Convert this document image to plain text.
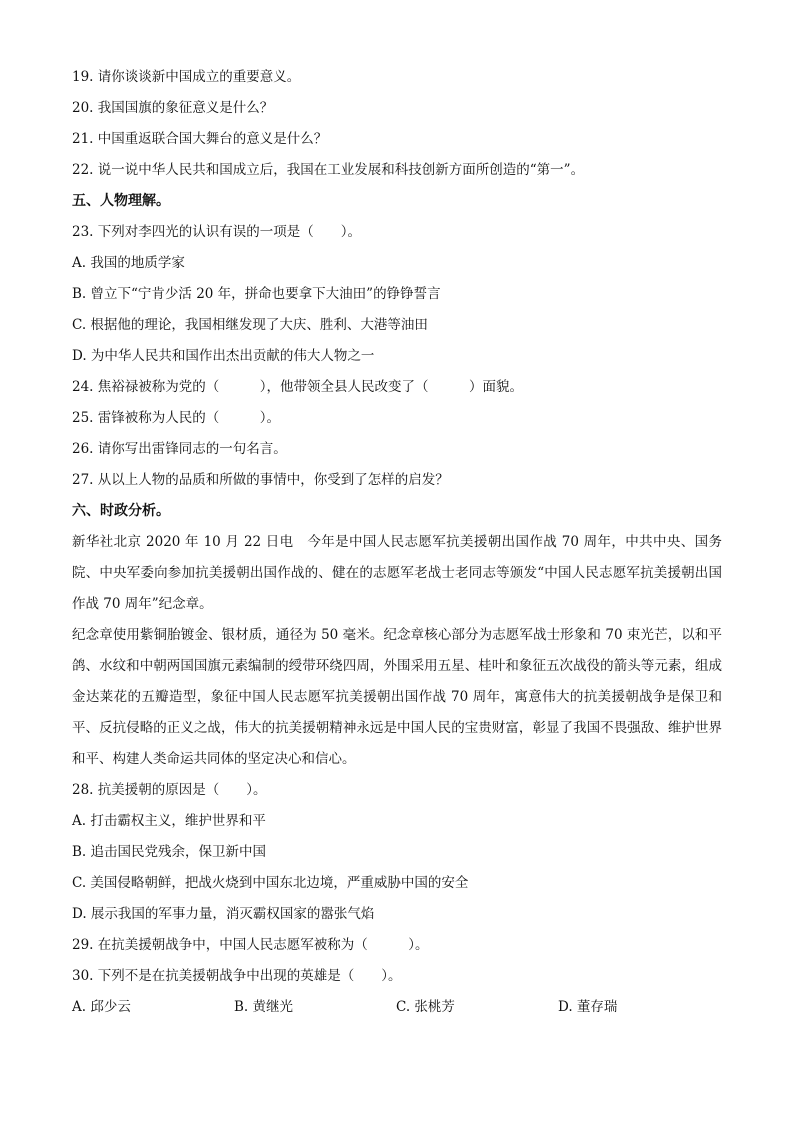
19. 请你谈谈新中国成立的重要意义。
20. 我国国旗的象征意义是什么？
21. 中国重返联合国大舞台的意义是什么？
22. 说一说中华人民共和国成立后，我国在工业发展和科技创新方面所创造的“第一”。
五、人物理解。
23. 下列对李四光的认识有误的一项是（　　）。
A. 我国的地质学家
B. 曾立下“宁肯少活 20 年，拼命也要拿下大油田”的铮铮誓言
C. 根据他的理论，我国相继发现了大庆、胜利、大港等油田
D. 为中华人民共和国作出杰出贡献的伟大人物之一
24. 焦裕禄被称为党的（　　　），他带领全县人民改变了（　　　）面貌。
25. 雷锋被称为人民的（　　　）。
26. 请你写出雷锋同志的一句名言。
27. 从以上人物的品质和所做的事情中，你受到了怎样的启发？
六、时政分析。
新华社北京 2020 年 10 月 22 日电　今年是中国人民志愿军抗美援朝出国作战 70 周年，中共中央、国务院、中央军委向参加抗美援朝出国作战的、健在的志愿军老战士老同志等颁发“中国人民志愿军抗美援朝出国作战 70 周年”纪念章。
纪念章使用紫铜胎镀金、银材质，通径为 50 毫米。纪念章核心部分为志愿军战士形象和 70 束光芒，以和平鸽、水纹和中朝两国国旗元素编制的绶带环绕四周，外围采用五星、桂叶和象征五次战役的箭头等元素，组成金达莱花的五瓣造型，象征中国人民志愿军抗美援朝出国作战 70 周年，寓意伟大的抗美援朝战争是保卫和平、反抗侵略的正义之战，伟大的抗美援朝精神永远是中国人民的宝贵财富，彰显了我国不畏强敌、维护世界和平、构建人类命运共同体的坚定决心和信心。
28. 抗美援朝的原因是（　　）。
A. 打击霸权主义，维护世界和平
B. 追击国民党残余，保卫新中国
C. 美国侵略朝鲜，把战火烧到中国东北边境，严重威胁中国的安全
D. 展示我国的军事力量，消灭霸权国家的嚣张气焰
29. 在抗美援朝战争中，中国人民志愿军被称为（　　　）。
30. 下列不是在抗美援朝战争中出现的英雄是（　　）。
A. 邱少云	B. 黄继光	C. 张桃芳	D. 董存瑞
